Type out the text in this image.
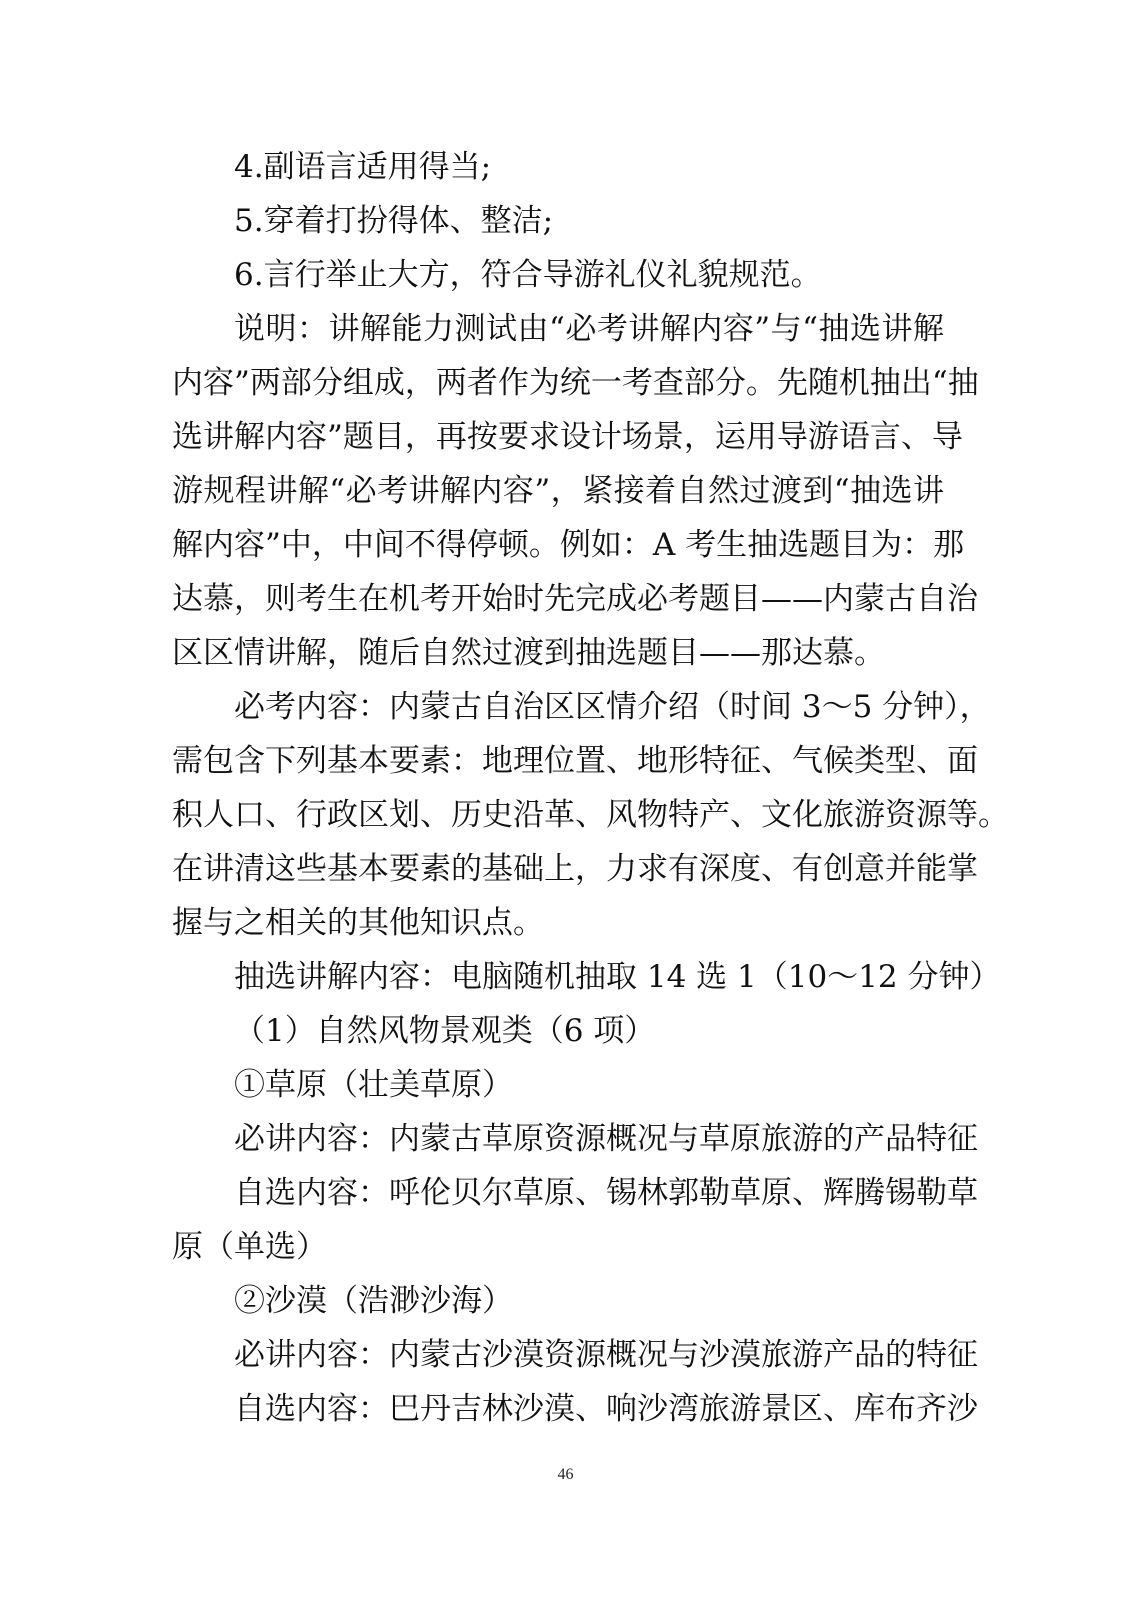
4.副语言适用得当;
5.穿着打扮得体、整洁;
6.言行举止大方，符合导游礼仪礼貌规范。
说明：讲解能力测试由“必考讲解内容”与“抽选讲解
内容”两部分组成，两者作为统一考查部分。先随机抽出“抽
选讲解内容”题目，再按要求设计场景，运用导游语言、导
游规程讲解“必考讲解内容”，紧接着自然过渡到“抽选讲
解内容”中，中间不得停顿。例如：A 考生抽选题目为：那
达慕，则考生在机考开始时先完成必考题目——内蒙古自治
区区情讲解，随后自然过渡到抽选题目——那达慕。
必考内容：内蒙古自治区区情介绍（时间 3～5 分钟），
需包含下列基本要素：地理位置、地形特征、气候类型、面
积人口、行政区划、历史沿革、风物特产、文化旅游资源等。
在讲清这些基本要素的基础上，力求有深度、有创意并能掌
握与之相关的其他知识点。
抽选讲解内容：电脑随机抽取 14 选 1（10～12 分钟）
（1）自然风物景观类（6 项）
①草原（壮美草原）
必讲内容：内蒙古草原资源概况与草原旅游的产品特征
自选内容：呼伦贝尔草原、锡林郭勒草原、辉腾锡勒草
原（单选）
②沙漠（浩渺沙海）
必讲内容：内蒙古沙漠资源概况与沙漠旅游产品的特征
自选内容：巴丹吉林沙漠、响沙湾旅游景区、库布齐沙
46
